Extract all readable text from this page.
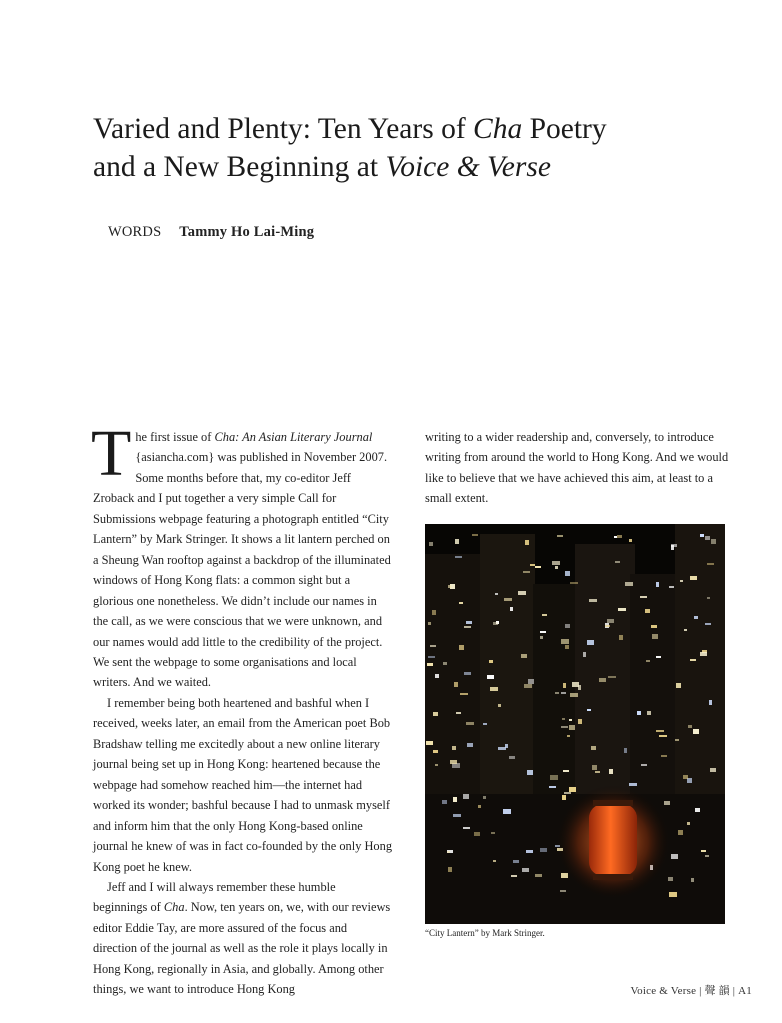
Varied and Plenty: Ten Years of Cha Poetry
and a New Beginning at Voice & Verse
WORDS Tammy Ho Lai-Ming

The first issue of Cha: An Asian Literary Journal {asiancha.com} was published in November 2007. Some months before that, my co-editor Jeff Zroback and I put together a very simple Call for Submissions webpage featuring a photograph entitled “City Lantern” by Mark Stringer. It shows a lit lantern perched on a Sheung Wan rooftop against a backdrop of the illuminated windows of Hong Kong flats: a common sight but a glorious one nonetheless. We didn’t include our names in the call, as we were conscious that we were unknown, and our names would add little to the credibility of the project. We sent the webpage to some organisations and local writers. And we waited.

I remember being both heartened and bashful when I received, weeks later, an email from the American poet Bob Bradshaw telling me excitedly about a new online literary journal being set up in Hong Kong: heartened because the webpage had somehow reached him—the internet had worked its wonder; bashful because I had to unmask myself and inform him that the only Hong Kong-based online journal he knew of was in fact co-founded by the only Hong Kong poet he knew.

Jeff and I will always remember these humble beginnings of Cha. Now, ten years on, we, with our reviews editor Eddie Tay, are more assured of the focus and direction of the journal as well as the role it plays locally in Hong Kong, regionally in Asia, and globally. Among other things, we want to introduce Hong Kong

writing to a wider readership and, conversely, to introduce writing from around the world to Hong Kong. And we would like to believe that we have achieved this aim, at least to a small extent.

“City Lantern” by Mark Stringer.
Voice & Verse | 聲 韻 | A1
